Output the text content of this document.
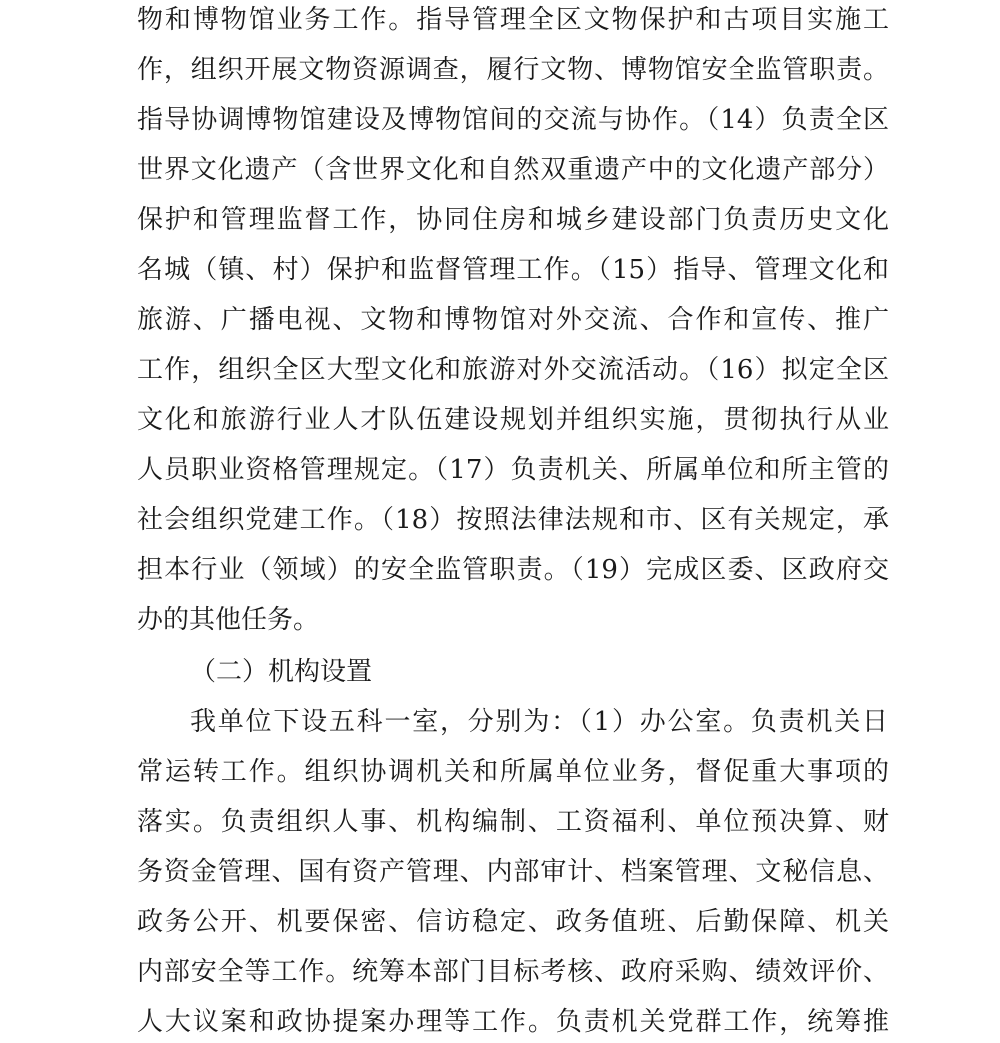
物和博物馆业务工作。指导管理全区文物保护和古项目实施工
作，组织开展文物资源调查，履行文物、博物馆安全监管职责。
指导协调博物馆建设及博物馆间的交流与协作。（14）负责全区
世界文化遗产（含世界文化和自然双重遗产中的文化遗产部分）
保护和管理监督工作，协同住房和城乡建设部门负责历史文化
名城（镇、村）保护和监督管理工作。（15）指导、管理文化和
旅游、广播电视、文物和博物馆对外交流、合作和宣传、推广
工作，组织全区大型文化和旅游对外交流活动。（16）拟定全区
文化和旅游行业人才队伍建设规划并组织实施，贯彻执行从业
人员职业资格管理规定。（17）负责机关、所属单位和所主管的
社会组织党建工作。（18）按照法律法规和市、区有关规定，承
担本行业（领域）的安全监管职责。（19）完成区委、区政府交
办的其他任务。
（二）机构设置
我单位下设五科一室，分别为：（1）办公室。负责机关日
常运转工作。组织协调机关和所属单位业务，督促重大事项的
落实。负责组织人事、机构编制、工资福利、单位预决算、财
务资金管理、国有资产管理、内部审计、档案管理、文秘信息、
政务公开、机要保密、信访稳定、政务值班、后勤保障、机关
内部安全等工作。统筹本部门目标考核、政府采购、绩效评价、
人大议案和政协提案办理等工作。负责机关党群工作，统筹推
